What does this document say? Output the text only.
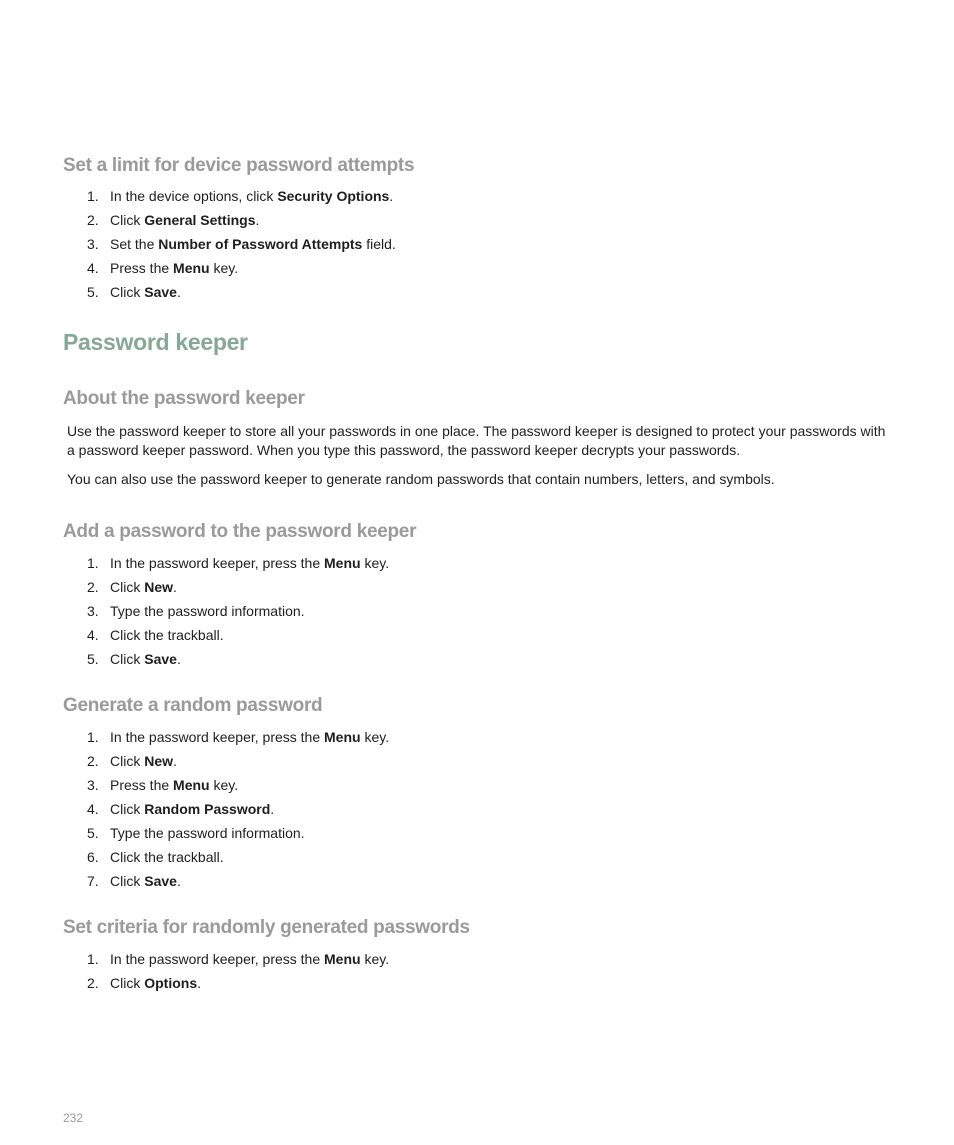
Set a limit for device password attempts
1. In the device options, click Security Options.
2. Click General Settings.
3. Set the Number of Password Attempts field.
4. Press the Menu key.
5. Click Save.
Password keeper
About the password keeper

Use the password keeper to store all your passwords in one place. The password keeper is designed to protect your passwords with a password keeper password. When you type this password, the password keeper decrypts your passwords.

You can also use the password keeper to generate random passwords that contain numbers, letters, and symbols.

Add a password to the password keeper
1. In the password keeper, press the Menu key.
2. Click New.
3. Type the password information.
4. Click the trackball.
5. Click Save.
Generate a random password
1. In the password keeper, press the Menu key.
2. Click New.
3. Press the Menu key.
4. Click Random Password.
5. Type the password information.
6. Click the trackball.
7. Click Save.
Set criteria for randomly generated passwords
1. In the password keeper, press the Menu key.
2. Click Options.
232
